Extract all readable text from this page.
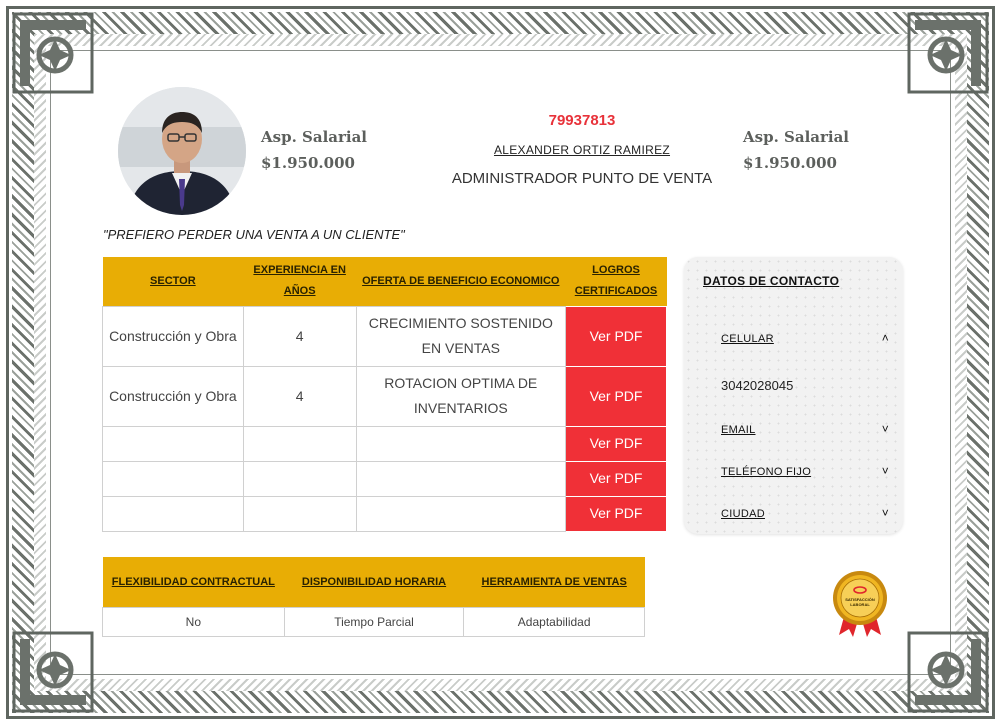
Asp. Salarial
$1.950.000
Asp. Salarial
$1.950.000
79937813
ALEXANDER ORTIZ RAMIREZ
ADMINISTRADOR PUNTO DE VENTA
"PREFIERO PERDER UNA VENTA A UN CLIENTE"
SECTOR	EXPERIENCIA EN AÑOS	OFERTA DE BENEFICIO ECONOMICO	LOGROS CERTIFICADOS
Construcción y Obra	4	CRECIMIENTO SOSTENIDO EN VENTAS	Ver PDF
Construcción y Obra	4	ROTACION OPTIMA DE INVENTARIOS	Ver PDF
			Ver PDF
			Ver PDF
			Ver PDF
DATOS DE CONTACTO
CELULAR	˄
3042028045
EMAIL	˅
TELÉFONO FIJO	˅
CIUDAD	˅
FLEXIBILIDAD CONTRACTUAL	DISPONIBILIDAD HORARIA	HERRAMIENTA DE VENTAS
No	Tiempo Parcial	Adaptabilidad
SATISFACCIÓN
LABORAL
